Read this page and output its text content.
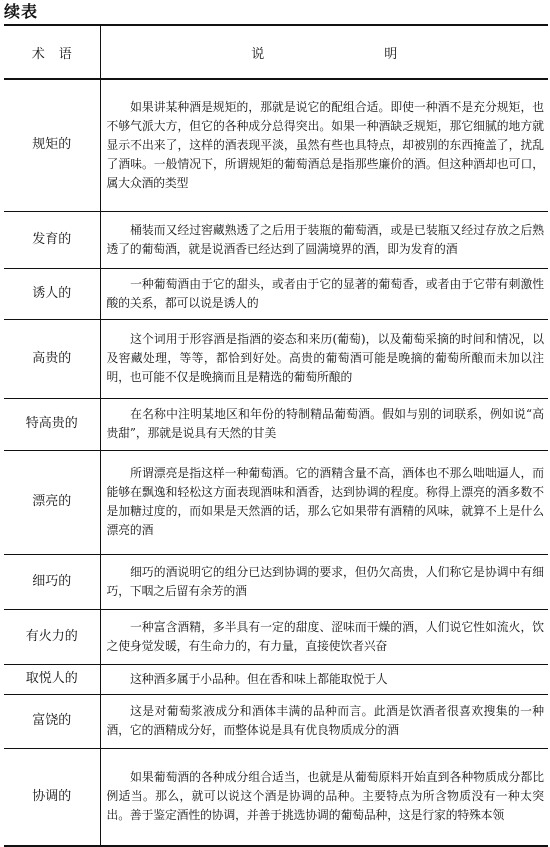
续表
术语	说明
规矩的	如果讲某种酒是规矩的，那就是说它的配组合适。即使一种酒不是充分规矩，也不够气派大方，但它的各种成分总得突出。如果一种酒缺乏规矩，那它细腻的地方就显示不出来了，这样的酒表现平淡，虽然有些也具特点，却被别的东西掩盖了，扰乱了酒味。一般情况下，所谓规矩的葡萄酒总是指那些廉价的酒。但这种酒却也可口，属大众酒的类型
发育的	桶装而又经过窖藏熟透了之后用于装瓶的葡萄酒，或是已装瓶又经过存放之后熟透了的葡萄酒，就是说酒香已经达到了圆满境界的酒，即为发育的酒
诱人的	一种葡萄酒由于它的甜头，或者由于它的显著的葡萄香，或者由于它带有刺激性酸的关系，都可以说是诱人的
高贵的	这个词用于形容酒是指酒的姿态和来历(葡萄)，以及葡萄采摘的时间和情况，以及窖藏处理，等等，都恰到好处。高贵的葡萄酒可能是晚摘的葡萄所酿而未加以注明，也可能不仅是晚摘而且是精选的葡萄所酿的
特高贵的	在名称中注明某地区和年份的特制精品葡萄酒。假如与别的词联系，例如说“高贵甜”，那就是说具有天然的甘美
漂亮的	所谓漂亮是指这样一种葡萄酒。它的酒精含量不高，酒体也不那么咄咄逼人，而能够在飘逸和轻松这方面表现酒味和酒香，达到协调的程度。称得上漂亮的酒多数不是加糖过度的，而如果是天然酒的话，那么它如果带有酒精的风味，就算不上是什么漂亮的酒
细巧的	细巧的酒说明它的组分已达到协调的要求，但仍欠高贵，人们称它是协调中有细巧，下咽之后留有余芳的酒
有火力的	一种富含酒精，多半具有一定的甜度、涩味而干燥的酒，人们说它性如流火，饮之使身觉发暖，有生命力的，有力量，直接使饮者兴奋
取悦人的	这种酒多属于小品种。但在香和味上都能取悦于人
富饶的	这是对葡萄浆液成分和酒体丰满的品种而言。此酒是饮酒者很喜欢搜集的一种酒，它的酒精成分好，而整体说是具有优良物质成分的酒
协调的	如果葡萄酒的各种成分组合适当，也就是从葡萄原料开始直到各种物质成分都比例适当。那么，就可以说这个酒是协调的品种。主要特点为所含物质没有一种太突出。善于鉴定酒性的协调，并善于挑选协调的葡萄品种，这是行家的特殊本领
